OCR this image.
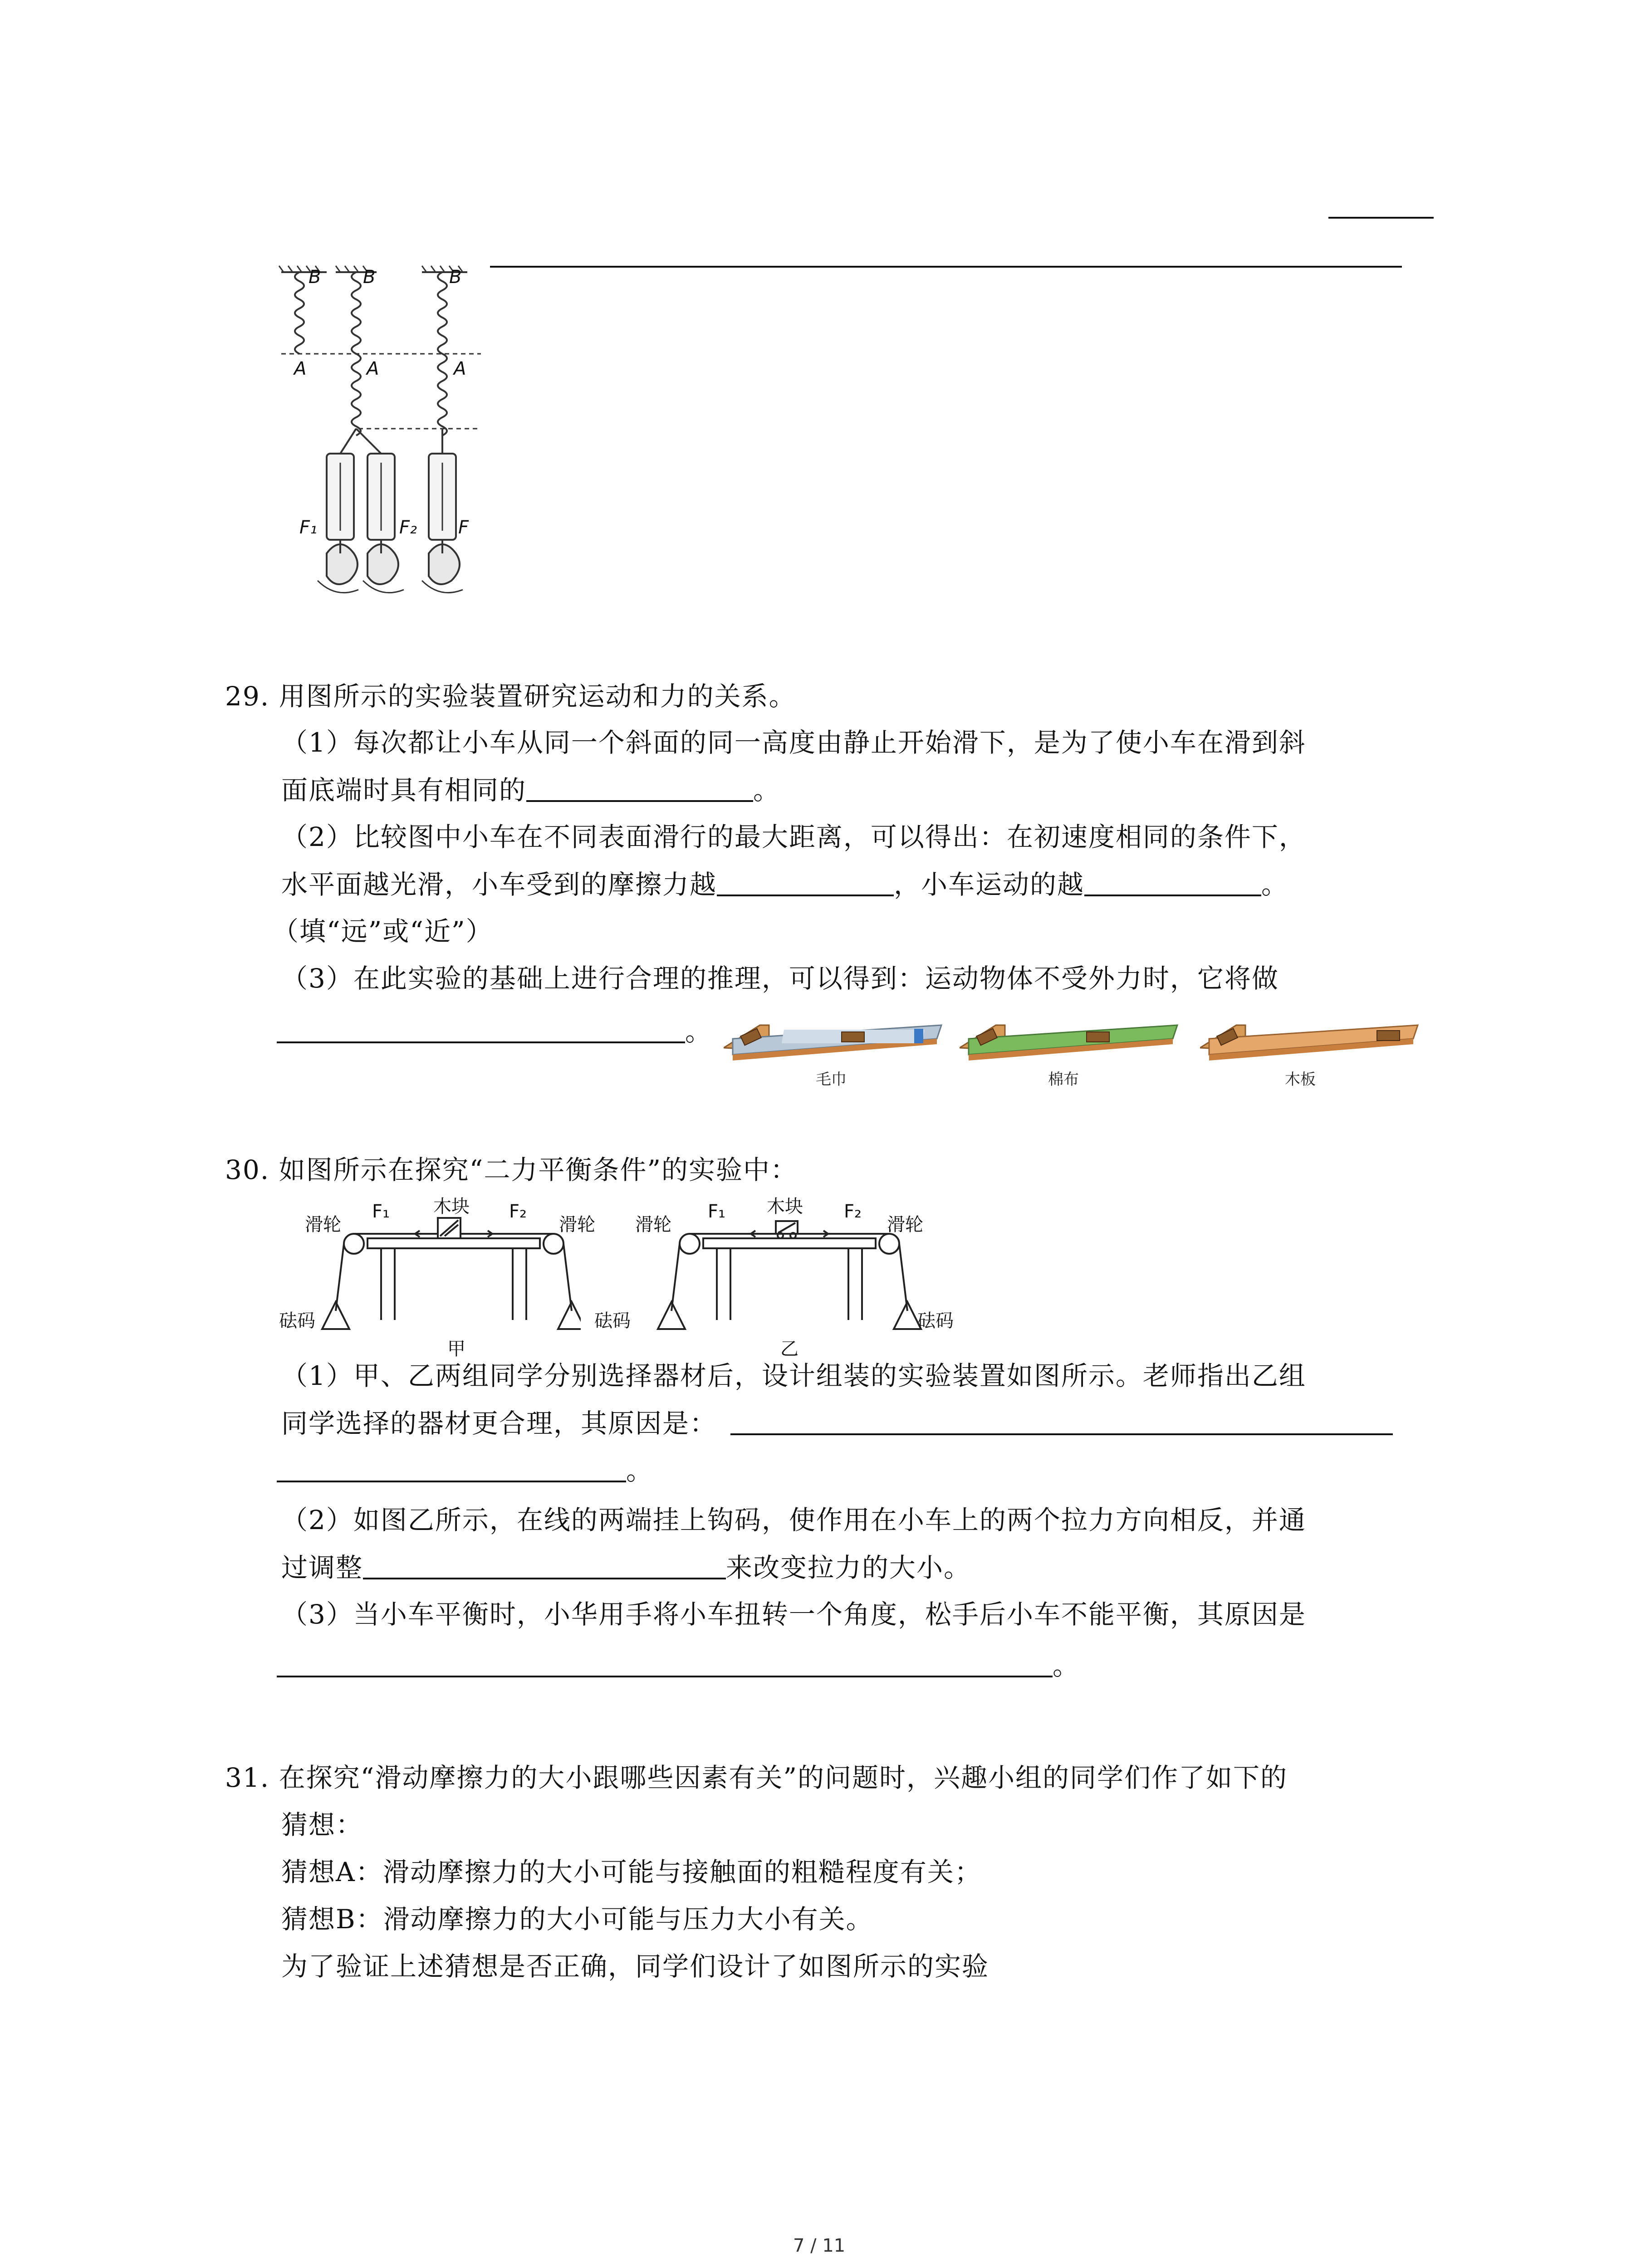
B B	B
A	A	A
F₁	F₂ F
29. 用图所示的实验装置研究运动和力的关系。
（1）每次都让小车从同一个斜面的同一高度由静止开始滑下，是为了使小车在滑到斜
面底端时具有相同的	。
（2）比较图中小车在不同表面滑行的最大距离，可以得出：在初速度相同的条件下，
水平面越光滑，小车受到的摩擦力越	，小车运动的越	。
（填“远”或“近”）
（3）在此实验的基础上进行合理的推理，可以得到：运动物体不受外力时，它将做
。
毛巾	棉布	木板
30. 如图所示在探究“二力平衡条件”的实验中：
滑轮
F₁ 木块 F₂
滑轮
砝码	砝码
甲
滑轮
F₁ 木块 F₂
滑轮
砝码
乙
（1）甲、乙两组同学分别选择器材后，设计组装的实验装置如图所示。老师指出乙组
同学选择的器材更合理，其原因是：
。
（2）如图乙所示，在线的两端挂上钩码，使作用在小车上的两个拉力方向相反，并通
过调整	来改变拉力的大小。
（3）当小车平衡时，小华用手将小车扭转一个角度，松手后小车不能平衡，其原因是
。
31. 在探究“滑动摩擦力的大小跟哪些因素有关”的问题时，兴趣小组的同学们作了如下的
猜想：
猜想A：滑动摩擦力的大小可能与接触面的粗糙程度有关；
猜想B：滑动摩擦力的大小可能与压力大小有关。
为了验证上述猜想是否正确，同学们设计了如图所示的实验
7 / 11
